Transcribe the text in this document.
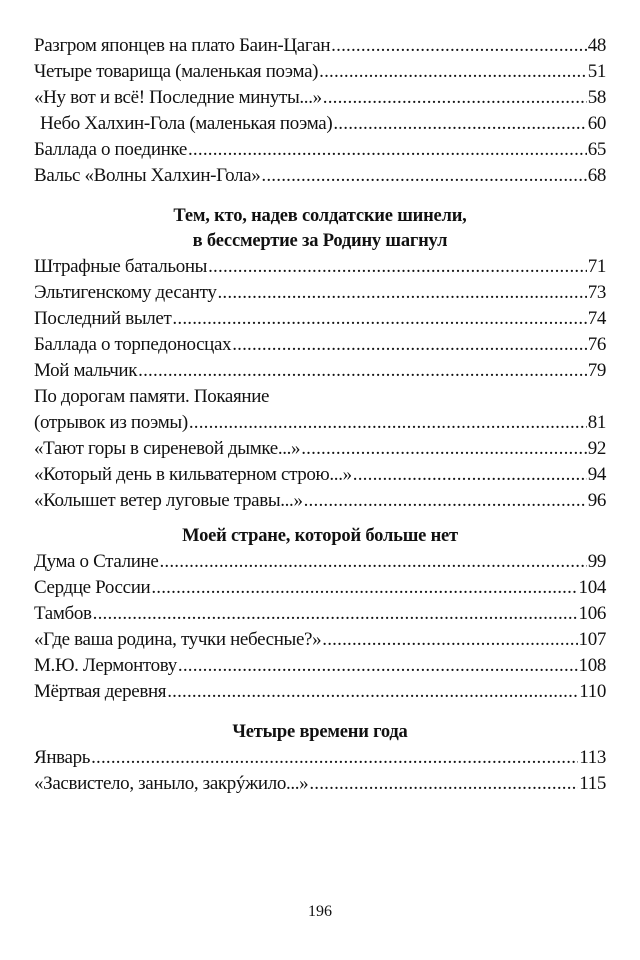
Разгром японцев на плато Баин-Цаган .....	48
Четыре товарища (маленькая поэма) .....	51
«Ну вот и всё! Последние минуты...» .....	58
Небо Халхин-Гола (маленькая поэма) .....	60
Баллада о поединке .....	65
Вальс «Волны Халхин-Гола» .....	68
Тем, кто, надев солдатские шинели,
в бессмертие за Родину шагнул
Штрафные батальоны .....	71
Эльтигенскому десанту .....	73
Последний вылет .....	74
Баллада о торпедоносцах .....	76
Мой мальчик .....	79
По дорогам памяти. Покаяние
(отрывок из поэмы) .....	81
«Тают горы в сиреневой дымке...» .....	92
«Который день в кильватерном строю...» .....	94
«Колышет ветер луговые травы...» .....	96
Моей стране, которой больше нет
Дума о Сталине .....	99
Сердце России .....	104
Тамбов .....	106
«Где ваша родина, тучки небесные?» .....	107
М.Ю. Лермонтову .....	108
Мёртвая деревня .....	110
Четыре времени года
Январь .....	113
«Засвистело, заныло, закрýжило...» .....	115
196
